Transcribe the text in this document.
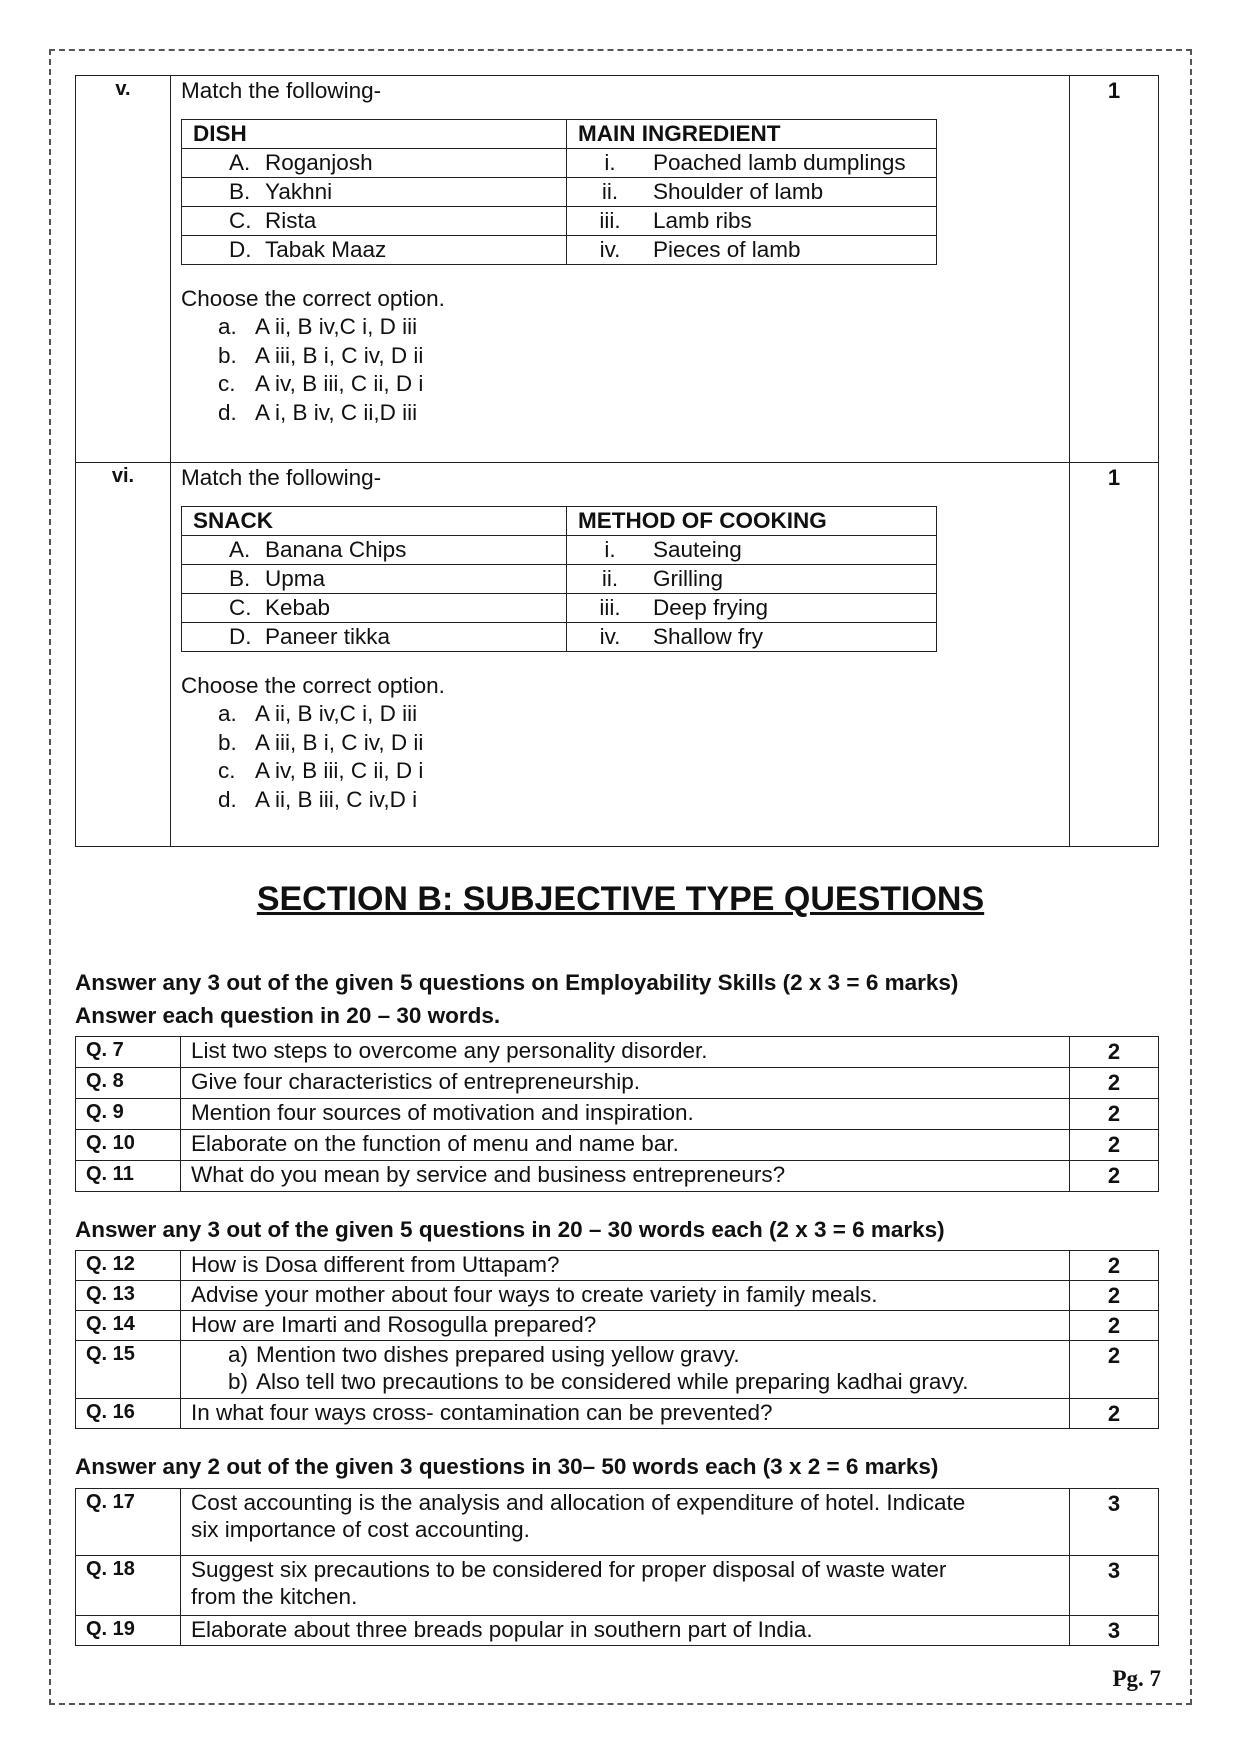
v.	Match the following-
DISH	MAIN INGREDIENT
A. Roganjosh	i. Poached lamb dumplings
B. Yakhni	ii. Shoulder of lamb
C. Rista	iii. Lamb ribs
D. Tabak Maaz	iv. Pieces of lamb
Choose the correct option.
a. A ii, B iv,C i, D iii
b. A iii, B i, C iv, D ii
c. A iv, B iii, C ii, D i
d. A i, B iv, C ii,D iii
	1
vi.	Match the following-
SNACK	METHOD OF COOKING
A. Banana Chips	i. Sauteing
B. Upma	ii. Grilling
C. Kebab	iii. Deep frying
D. Paneer tikka	iv. Shallow fry
Choose the correct option.
a. A ii, B iv,C i, D iii
b. A iii, B i, C iv, D ii
c. A iv, B iii, C ii, D i
d. A ii, B iii, C iv,D i
	1
SECTION B: SUBJECTIVE TYPE QUESTIONS
Answer any 3 out of the given 5 questions on Employability Skills (2 x 3 = 6 marks)
Answer each question in 20 – 30 words.
Q. 7	List two steps to overcome any personality disorder.	2
Q. 8	Give four characteristics of entrepreneurship.	2
Q. 9	Mention four sources of motivation and inspiration.	2
Q. 10	Elaborate on the function of menu and name bar.	2
Q. 11	What do you mean by service and business entrepreneurs?	2
Answer any 3 out of the given 5 questions in 20 – 30 words each (2 x 3 = 6 marks)
Q. 12	How is Dosa different from Uttapam?	2
Q. 13	Advise your mother about four ways to create variety in family meals.	2
Q. 14	How are Imarti and Rosogulla prepared?	2
Q. 15	a) Mention two dishes prepared using yellow gravy.
b) Also tell two precautions to be considered while preparing kadhai gravy.	2
Q. 16	In what four ways cross- contamination can be prevented?	2
Answer any 2 out of the given 3 questions in 30– 50 words each (3 x 2 = 6 marks)
Q. 17	Cost accounting is the analysis and allocation of expenditure of hotel. Indicate
six importance of cost accounting.	3
Q. 18	Suggest six precautions to be considered for proper disposal of waste water
from the kitchen.	3
Q. 19	Elaborate about three breads popular in southern part of India.	3
Pg. 7
